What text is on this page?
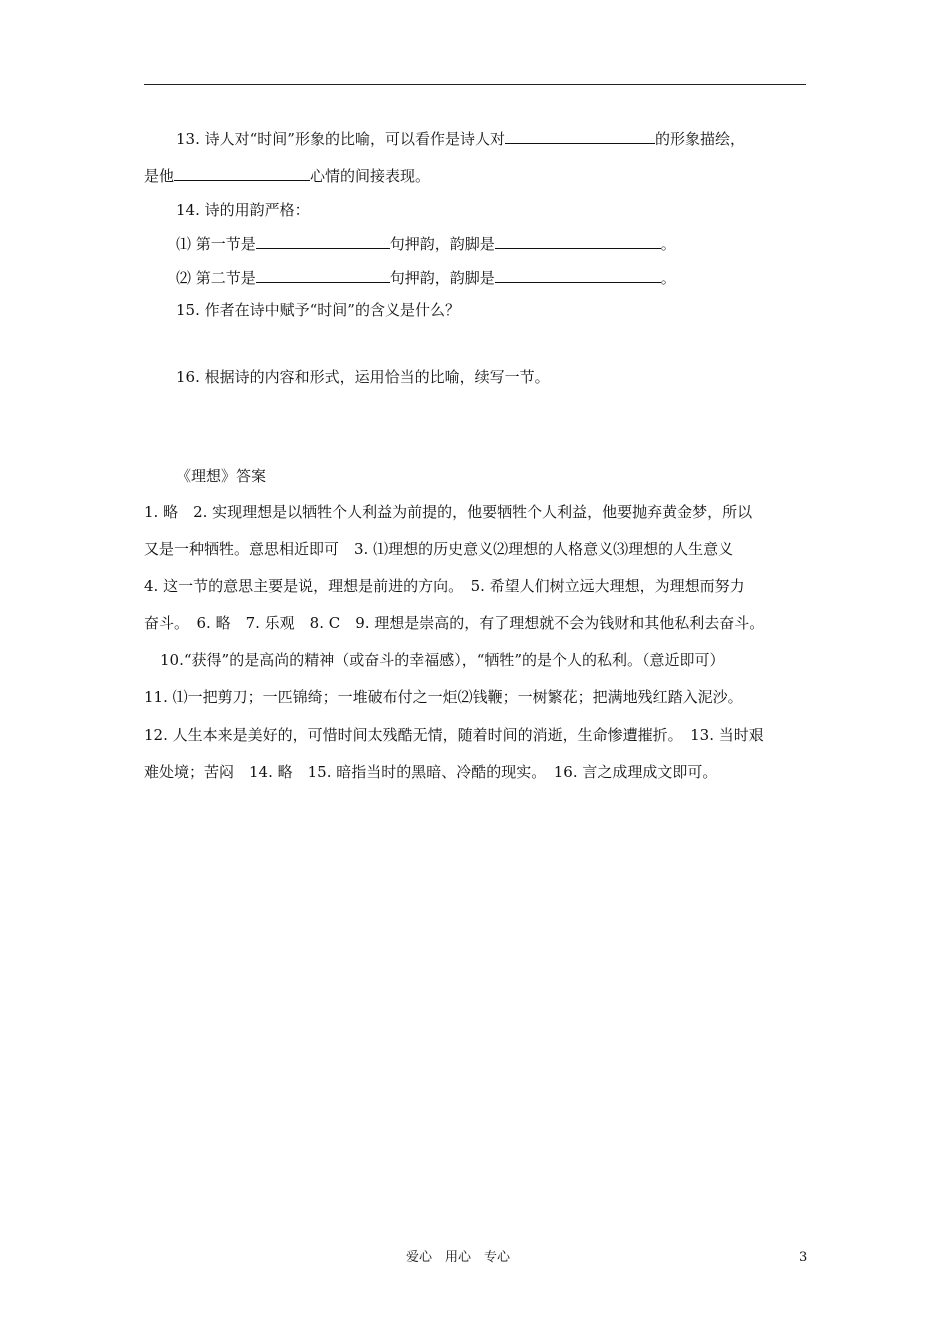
13. 诗人对“时间”形象的比喻，可以看作是诗人对	的形象描绘，
是他	心情的间接表现。
14. 诗的用韵严格：
⑴ 第一节是	句押韵，韵脚是	。
⑵ 第二节是	句押韵，韵脚是	。
15. 作者在诗中赋予“时间”的含义是什么？
16. 根据诗的内容和形式，运用恰当的比喻，续写一节。
《理想》答案
1. 略　2. 实现理想是以牺牲个人利益为前提的，他要牺牲个人利益，他要抛弃黄金梦，所以
又是一种牺牲。意思相近即可　3. ⑴理想的历史意义⑵理想的人格意义⑶理想的人生意义
4. 这一节的意思主要是说，理想是前进的方向。　5. 希望人们树立远大理想，为理想而努力
奋斗。　6. 略　7. 乐观　8. C　9. 理想是崇高的，有了理想就不会为钱财和其他私利去奋斗。
10.“获得”的是高尚的精神（或奋斗的幸福感），“牺牲”的是个人的私利。（意近即可）
11. ⑴一把剪刀；一匹锦绮；一堆破布付之一炬⑵钱鞭；一树繁花；把满地残红踏入泥沙。
12. 人生本来是美好的，可惜时间太残酷无情，随着时间的消逝，生命惨遭摧折。　13. 当时艰
难处境；苦闷　14. 略　15. 暗指当时的黑暗、冷酷的现实。　16. 言之成理成文即可。
爱心　用心　专心	3
